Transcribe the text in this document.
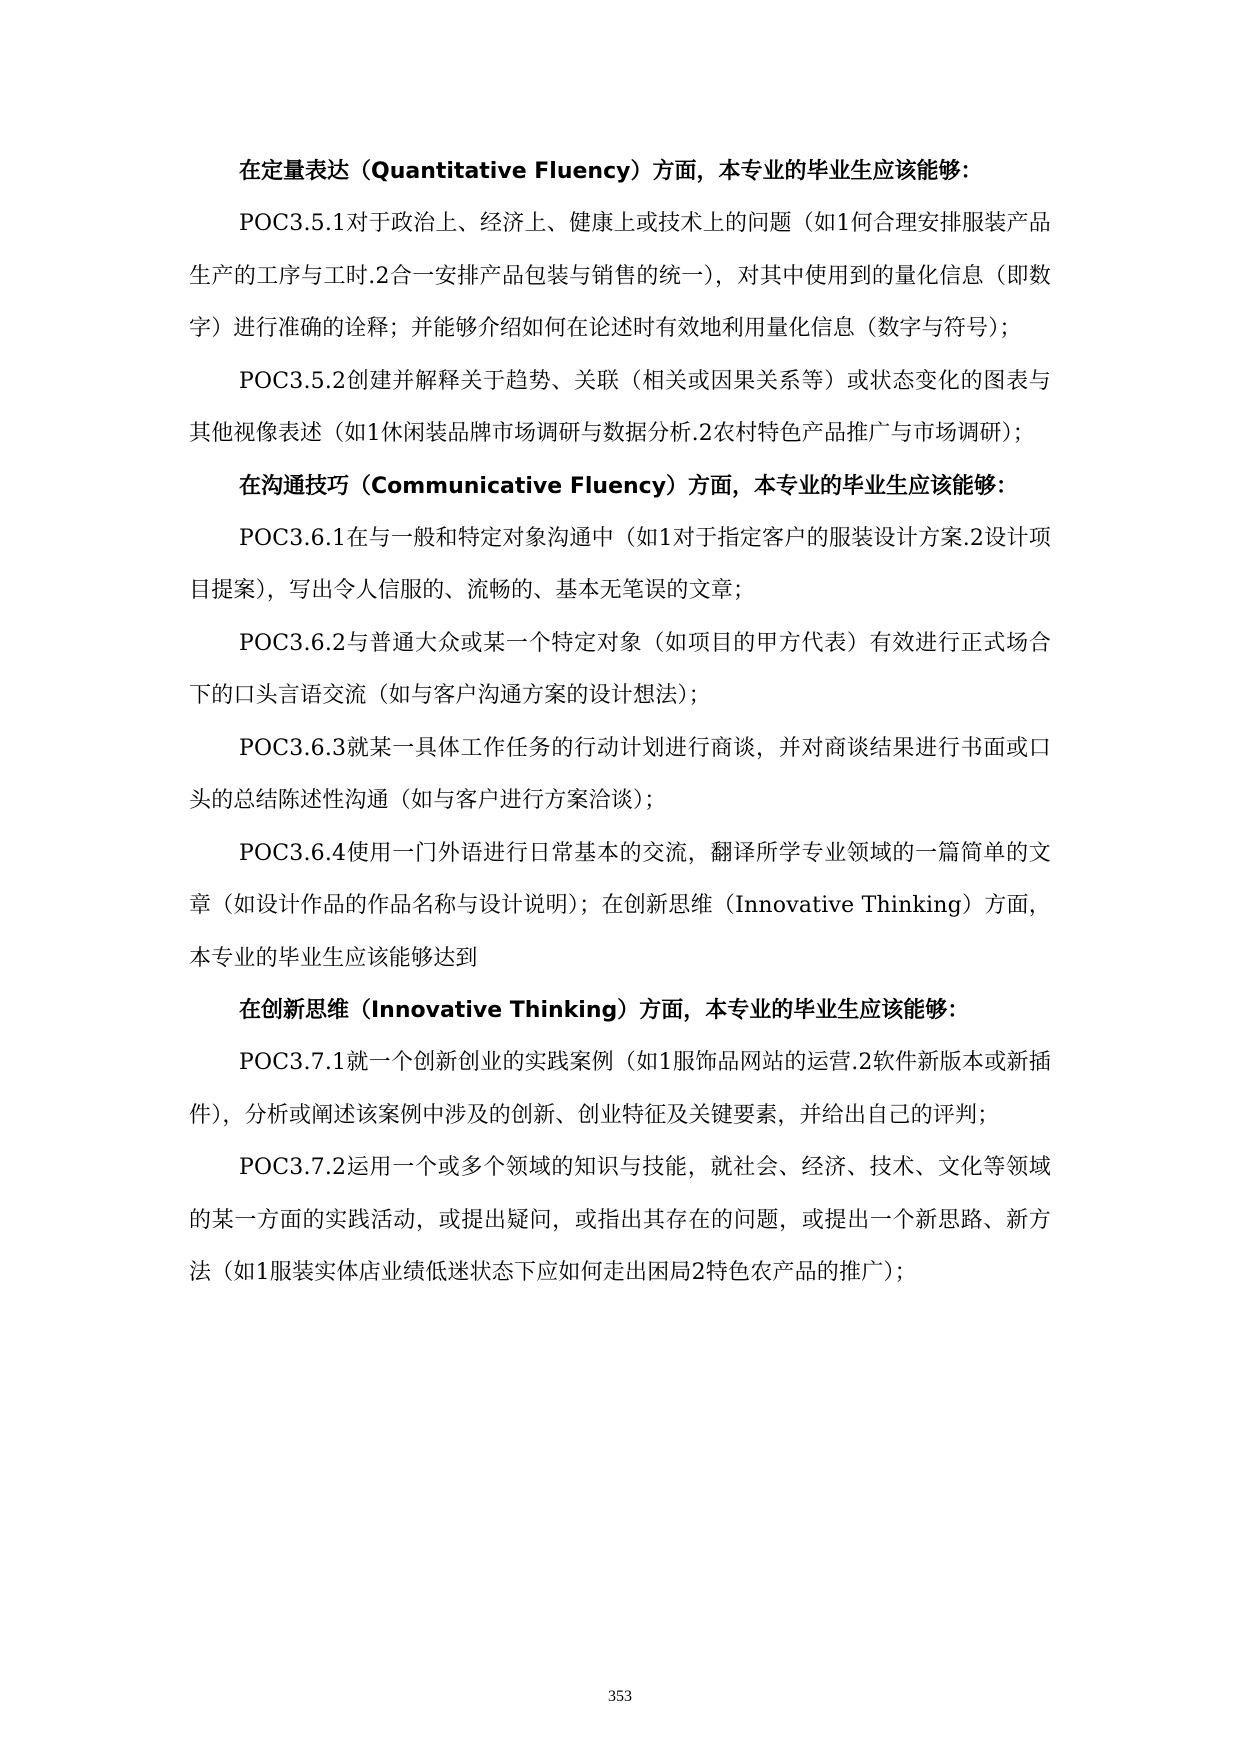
在定量表达（Quantitative Fluency）方面，本专业的毕业生应该能够：

POC3.5.1对于政治上、经济上、健康上或技术上的问题（如1何合理安排服装产品生产的工序与工时.2合一安排产品包装与销售的统一），对其中使用到的量化信息（即数字）进行准确的诠释；并能够介绍如何在论述时有效地利用量化信息（数字与符号）；

POC3.5.2创建并解释关于趋势、关联（相关或因果关系等）或状态变化的图表与其他视像表述（如1休闲装品牌市场调研与数据分析.2农村特色产品推广与市场调研）；

在沟通技巧（Communicative Fluency）方面，本专业的毕业生应该能够：

POC3.6.1在与一般和特定对象沟通中（如1对于指定客户的服装设计方案.2设计项目提案），写出令人信服的、流畅的、基本无笔误的文章；

POC3.6.2与普通大众或某一个特定对象（如项目的甲方代表）有效进行正式场合下的口头言语交流（如与客户沟通方案的设计想法）；

POC3.6.3就某一具体工作任务的行动计划进行商谈，并对商谈结果进行书面或口头的总结陈述性沟通（如与客户进行方案洽谈）；

POC3.6.4使用一门外语进行日常基本的交流，翻译所学专业领域的一篇简单的文章（如设计作品的作品名称与设计说明）；在创新思维（Innovative Thinking）方面，本专业的毕业生应该能够达到

在创新思维（Innovative Thinking）方面，本专业的毕业生应该能够：

POC3.7.1就一个创新创业的实践案例（如1服饰品网站的运营.2软件新版本或新插件），分析或阐述该案例中涉及的创新、创业特征及关键要素，并给出自己的评判；

POC3.7.2运用一个或多个领域的知识与技能，就社会、经济、技术、文化等领域的某一方面的实践活动，或提出疑问，或指出其存在的问题，或提出一个新思路、新方法（如1服装实体店业绩低迷状态下应如何走出困局2特色农产品的推广）；

353
